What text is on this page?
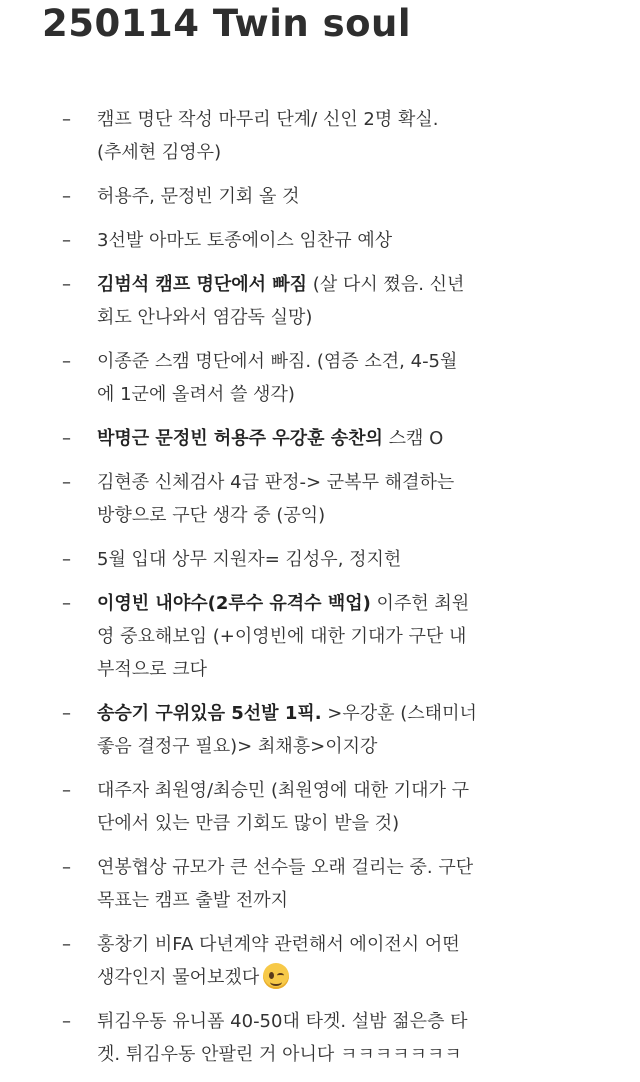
250114 Twin soul
– 캠프 명단 작성 마무리 단계/ 신인 2명 확실.
(추세현 김영우)
– 허용주, 문정빈 기회 올 것
– 3선발 아마도 토종에이스 임찬규 예상
– 김범석 캠프 명단에서 빠짐 (살 다시 쪘음. 신년
회도 안나와서 염감독 실망)
– 이종준 스캠 명단에서 빠짐. (염증 소견, 4-5월
에 1군에 올려서 쓸 생각)
– 박명근 문정빈 허용주 우강훈 송찬의 스캠 O
– 김현종 신체검사 4급 판정-> 군복무 해결하는
방향으로 구단 생각 중 (공익)
– 5월 입대 상무 지원자= 김성우, 정지헌
– 이영빈 내야수(2루수 유격수 백업) 이주헌 최원
영 중요해보임 (+이영빈에 대한 기대가 구단 내
부적으로 크다
– 송승기 구위있음 5선발 1픽. >우강훈 (스태미너
좋음 결정구 필요)> 최채흥>이지강
– 대주자 최원영/최승민 (최원영에 대한 기대가 구
단에서 있는 만큼 기회도 많이 받을 것)
– 연봉협상 규모가 큰 선수들 오래 걸리는 중. 구단
목표는 캠프 출발 전까지
– 홍창기 비FA 다년계약 관련해서 에이전시 어떤
생각인지 물어보겠다
– 튀김우동 유니폼 40-50대 타겟. 설밤 젊은층 타
겟. 튀김우동 안팔린 거 아니다 ㅋㅋㅋㅋㅋㅋㅋ
